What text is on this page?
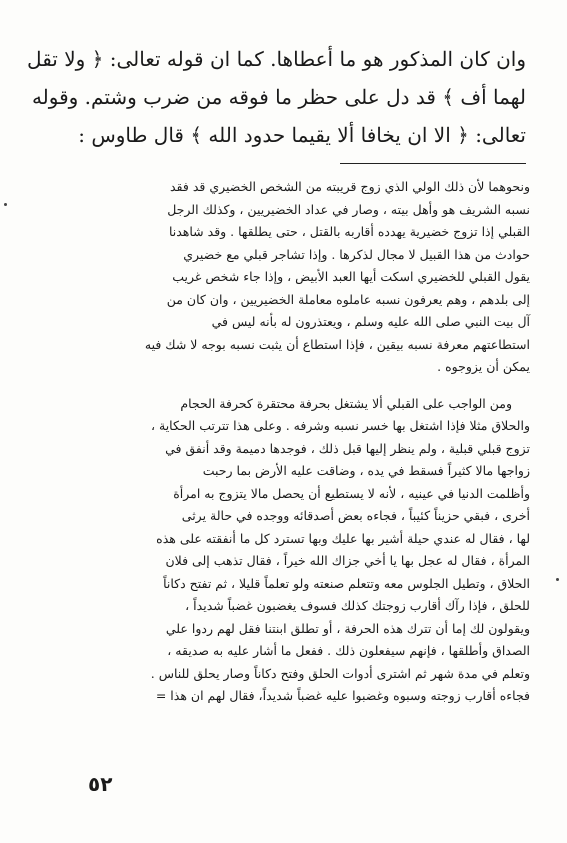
وان كان المذكور هو ما أعطاها. كما ان قوله تعالى: ﴿ ولا تقل
لهما أف ﴾ قد دل على حظر ما فوقه من ضرب وشتم. وقوله
تعالى: ﴿ الا ان يخافا ألا يقيما حدود الله ﴾ قال طاوس :
ونحوهما لأن ذلك الولي الذي زوج قريبته من الشخص الخضيري قد فقد
نسبه الشريف هو وأهل بيته ، وصار في عداد الخضيريين ، وكذلك الرجل
القبلي إذا تزوج خضيرية يهدده أقاربه بالقتل ، حتى يطلقها . وقد شاهدنا
حوادث من هذا القبيل لا مجال لذكرها . وإذا تشاجر قبلي مع خضيري
يقول القبلي للخضيري اسكت أيها العبد الأبيض ، وإذا جاء شخص غريب
إلى بلدهم ، وهم يعرفون نسبه عاملوه معاملة الخضيريين ، وان كان من
آل بيت النبي صلى الله عليه وسلم ، ويعتذرون له بأنه ليس في
استطاعتهم معرفة نسبه بيقين ، فإذا استطاع أن يثبت نسبه بوجه لا شك فيه
يمكن أن يزوجوه .
ومن الواجب على القبلي ألا يشتغل بحرفة محتقرة كحرفة الحجام
والحلاق مثلا فإذا اشتغل بها خسر نسبه وشرفه . وعلى هذا تترتب الحكاية ،
تزوج قبلي قبلية ، ولم ينظر إليها قبل ذلك ، فوجدها دميمة وقد أنفق في
زواجها مالا كثيراً فسقط في يده ، وضاقت عليه الأرض بما رحبت
وأظلمت الدنيا في عينيه ، لأنه لا يستطيع أن يحصل مالا يتزوج به امرأة
أخرى ، فبقي حزيناً كئيباً ، فجاءه بعض أصدقائه ووجده في حالة يرثى
لها ، فقال له عندي حيلة أشير بها عليك وبها تسترد كل ما أنفقته على هذه
المرأة ، فقال له عجل بها يا أخي جزاك الله خيراً ، فقال تذهب إلى فلان
الحلاق ، وتطيل الجلوس معه وتتعلم صنعته ولو تعلماً قليلا ، ثم تفتح دكاناً
للحلق ، فإذا رآك أقارب زوجتك كذلك فسوف يغضبون غضباً شديداً ،
ويقولون لك إما أن تترك هذه الحرفة ، أو تطلق ابنتنا فقل لهم ردوا علي
الصداق وأطلقها ، فإنهم سيفعلون ذلك . ففعل ما أشار عليه به صديقه ،
وتعلم في مدة شهر ثم اشترى أدوات الحلق وفتح دكاناً وصار يحلق للناس .
فجاءه أقارب زوجته وسبوه وغضبوا عليه غضباً شديداً، فقال لهم ان هذا =
٥٢
